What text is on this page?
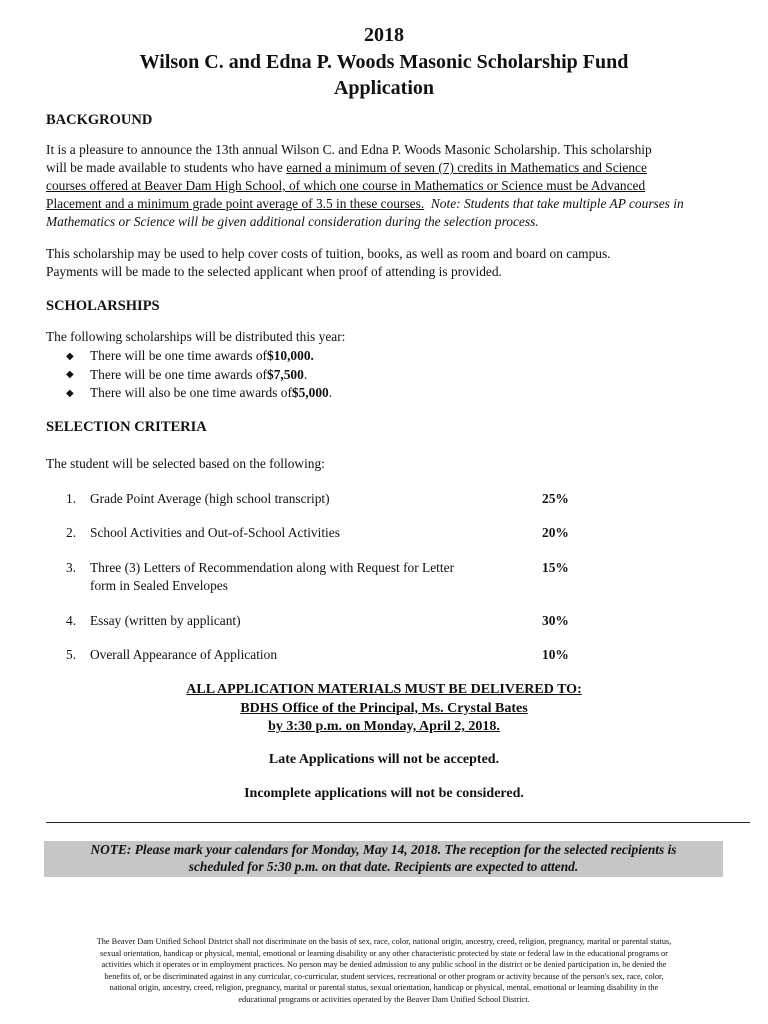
2018
Wilson C. and Edna P. Woods Masonic Scholarship Fund
Application
BACKGROUND
It is a pleasure to announce the 13th annual Wilson C. and Edna P. Woods Masonic Scholarship. This scholarship
will be made available to students who have earned a minimum of seven (7) credits in Mathematics and Science
courses offered at Beaver Dam High School, of which one course in Mathematics or Science must be Advanced
Placement and a minimum grade point average of 3.5 in these courses. Note: Students that take multiple AP courses in
Mathematics or Science will be given additional consideration during the selection process.
This scholarship may be used to help cover costs of tuition, books, as well as room and board on campus.
Payments will be made to the selected applicant when proof of attending is provided.
SCHOLARSHIPS
The following scholarships will be distributed this year:
◆	There will be one time awards of $10,000 .
◆	There will be one time awards of $7,500 .
◆	There will also be one time awards of $5,000 .
SELECTION CRITERIA
The student will be selected based on the following:
1. Grade Point Average (high school transcript)	25%
2. School Activities and Out-of-School Activities	20%
3. Three (3) Letters of Recommendation along with Request for Letter
form in Sealed Envelopes
15%
4. Essay (written by applicant)	30%
5. Overall Appearance of Application	10%
ALL APPLICATION MATERIALS MUST BE DELIVERED TO:
BDHS Office of the Principal, Ms. Crystal Bates
by 3:30 p.m. on Monday, April 2, 2018.
Late Applications will not be accepted.
Incomplete applications will not be considered.
NOTE: Please mark your calendars for Monday, May 14, 2018. The reception for the selected recipients is
scheduled for 5:30 p.m. on that date. Recipients are expected to attend.
The Beaver Dam Unified School District shall not discriminate on the basis of sex, race, color, national origin, ancestry, creed, religion, pregnancy, marital or parental status,
sexual orientation, handicap or physical, mental, emotional or learning disability or any other characteristic protected by state or federal law in the educational programs or
activities which it operates or in employment practices. No person may be denied admission to any public school in the district or be denied participation in, be denied the
benefits of, or be discriminated against in any curricular, co-curricular, student services, recreational or other program or activity because of the person's sex, race, color,
national origin, ancestry, creed, religion, pregnancy, marital or parental status, sexual orientation, handicap or physical, mental, emotional or learning disability in the
educational programs or activities operated by the Beaver Dam Unified School District.
